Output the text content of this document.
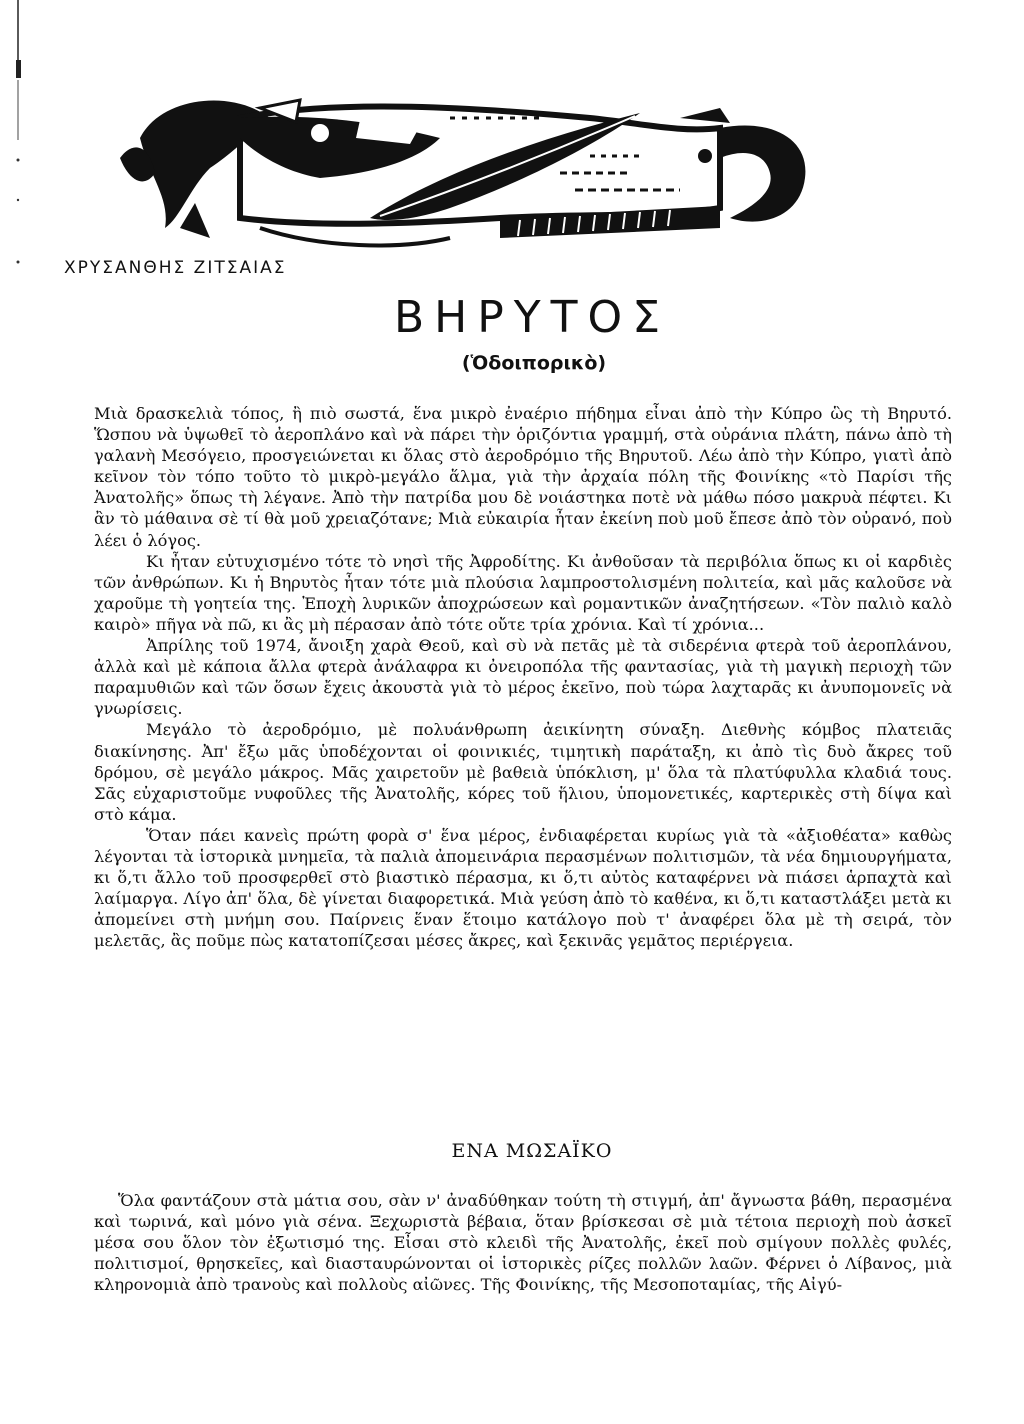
ΧΡΥΣΑΝΘΗΣ ΖΙΤΣΑΙΑΣ
ΒΗΡΥΤΟΣ
(Ὁδοιπορικὸ)

Μιὰ δρασκελιὰ τόπος, ἢ πιὸ σωστά, ἕνα μικρὸ ἐναέριο πήδημα εἶναι ἀπὸ τὴν Κύπρο ὣς τὴ Βηρυτό. Ὥσπου νὰ ὑψωθεῖ τὸ ἀεροπλάνο καὶ νὰ πάρει τὴν ὁριζόντια γραμμή, στὰ οὐράνια πλάτη, πάνω ἀπὸ τὴ γαλανὴ Μεσόγειο, προσγειώνεται κι ὅλας στὸ ἀεροδρόμιο τῆς Βηρυτοῦ. Λέω ἀπὸ τὴν Κύπρο, γιατὶ ἀπὸ κεῖνον τὸν τόπο τοῦτο τὸ μικρὸ-μεγάλο ἅλμα, γιὰ τὴν ἀρχαία πόλη τῆς Φοινίκης «τὸ Παρίσι τῆς Ἀνατολῆς» ὅπως τὴ λέγανε. Ἀπὸ τὴν πατρίδα μου δὲ νοιάστηκα ποτὲ νὰ μάθω πόσο μακρυὰ πέφτει. Κι ἂν τὸ μάθαινα σὲ τί θὰ μοῦ χρειαζότανε; Μιὰ εὐκαιρία ἦταν ἐκείνη ποὺ μοῦ ἔπεσε ἀπὸ τὸν οὐρανό, ποὺ λέει ὁ λόγος.

Κι ἦταν εὐτυχισμένο τότε τὸ νησὶ τῆς Ἀφροδίτης. Κι ἀνθοῦσαν τὰ περιβόλια ὅπως κι οἱ καρδιὲς τῶν ἀνθρώπων. Κι ἡ Βηρυτὸς ἦταν τότε μιὰ πλούσια λαμπροστολισμένη πολιτεία, καὶ μᾶς καλοῦσε νὰ χαροῦμε τὴ γοητεία της. Ἐποχὴ λυρικῶν ἀποχρώσεων καὶ ρομαντικῶν ἀναζητήσεων. «Τὸν παλιὸ καλὸ καιρὸ» πῆγα νὰ πῶ, κι ἂς μὴ πέρασαν ἀπὸ τότε οὔτε τρία χρόνια. Καὶ τί χρόνια...

Ἀπρίλης τοῦ 1974, ἄνοιξη χαρὰ Θεοῦ, καὶ σὺ νὰ πετᾶς μὲ τὰ σιδερένια φτερὰ τοῦ ἀεροπλάνου, ἀλλὰ καὶ μὲ κάποια ἄλλα φτερὰ ἀνάλαφρα κι ὀνειροπόλα τῆς φαντασίας, γιὰ τὴ μαγικὴ περιοχὴ τῶν παραμυθιῶν καὶ τῶν ὅσων ἔχεις ἀκουστὰ γιὰ τὸ μέρος ἐκεῖνο, ποὺ τώρα λαχταρᾶς κι ἀνυπομονεῖς νὰ γνωρίσεις.

Μεγάλο τὸ ἀεροδρόμιο, μὲ πολυάνθρωπη ἀεικίνητη σύναξη. Διεθνὴς κόμβος πλατειᾶς διακίνησης. Ἀπ' ἔξω μᾶς ὑποδέχονται οἱ φοινικιές, τιμητικὴ παράταξη, κι ἀπὸ τὶς δυὸ ἄκρες τοῦ δρόμου, σὲ μεγάλο μάκρος. Μᾶς χαιρετοῦν μὲ βαθειὰ ὑπόκλιση, μ' ὅλα τὰ πλατύφυλλα κλαδιά τους. Σᾶς εὐχαριστοῦμε νυφοῦλες τῆς Ἀνατολῆς, κόρες τοῦ ἥλιου, ὑπομονετικές, καρτερικὲς στὴ δίψα καὶ στὸ κάμα.

Ὅταν πάει κανεὶς πρώτη φορὰ σ' ἕνα μέρος, ἐνδιαφέρεται κυρίως γιὰ τὰ «ἀξιοθέατα» καθὼς λέγονται τὰ ἱστορικὰ μνημεῖα, τὰ παλιὰ ἀπομεινάρια περασμένων πολιτισμῶν, τὰ νέα δημιουργήματα, κι ὅ,τι ἄλλο τοῦ προσφερθεῖ στὸ βιαστικὸ πέρασμα, κι ὅ,τι αὐτὸς καταφέρνει νὰ πιάσει ἁρπαχτὰ καὶ λαίμαργα. Λίγο ἀπ' ὅλα, δὲ γίνεται διαφορετικά. Μιὰ γεύση ἀπὸ τὸ καθένα, κι ὅ,τι καταστλάξει μετὰ κι ἀπομείνει στὴ μνήμη σου. Παίρνεις ἕναν ἕτοιμο κατάλογο ποὺ τ' ἀναφέρει ὅλα μὲ τὴ σειρά, τὸν μελετᾶς, ἂς ποῦμε πὼς κατατοπίζεσαι μέσες ἄκρες, καὶ ξεκινᾶς γεμᾶτος περιέργεια.

ΕΝΑ ΜΩΣΑΪΚΟ

Ὅλα φαντάζουν στὰ μάτια σου, σὰν ν' ἀναδύθηκαν τούτη τὴ στιγμή, ἀπ' ἄγνωστα βάθη, περασμένα καὶ τωρινά, καὶ μόνο γιὰ σένα. Ξεχωριστὰ βέβαια, ὅταν βρίσκεσαι σὲ μιὰ τέτοια περιοχὴ ποὺ ἀσκεῖ μέσα σου ὅλον τὸν ἐξωτισμό της. Εἶσαι στὸ κλειδὶ τῆς Ἀνατολῆς, ἐκεῖ ποὺ σμίγουν πολλὲς φυλές, πολιτισμοί, θρησκεῖες, καὶ διασταυρώνονται οἱ ἱστορικὲς ρίζες πολλῶν λαῶν. Φέρνει ὁ Λίβανος, μιὰ κληρονομιὰ ἀπὸ τρανοὺς καὶ πολλοὺς αἰῶνες. Τῆς Φοινίκης, τῆς Μεσοποταμίας, τῆς Αἰγύ-
